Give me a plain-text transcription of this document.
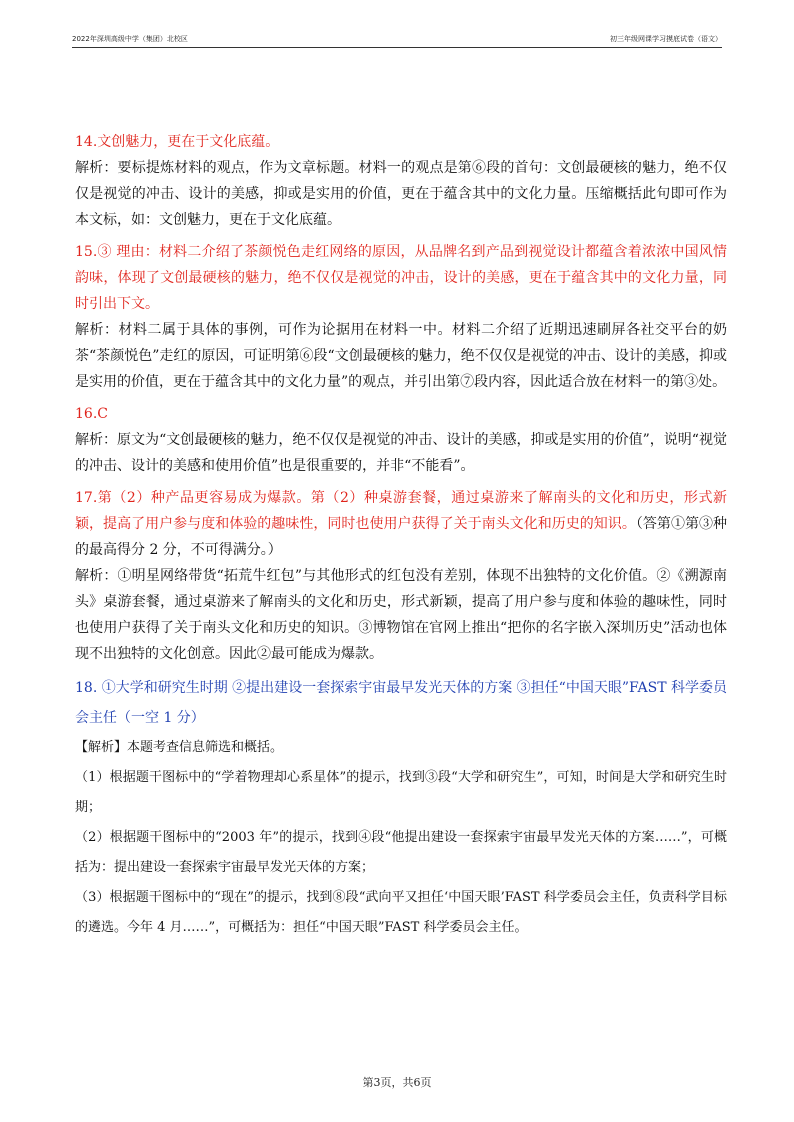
2022年深圳高级中学（集团）北校区	初三年级网课学习摸底试卷（语文）

14.文创魅力，更在于文化底蕴。

解析：要标提炼材料的观点，作为文章标题。材料一的观点是第⑥段的首句：文创最硬核的魅力，绝不仅仅是视觉的冲击、设计的美感，抑或是实用的价值，更在于蕴含其中的文化力量。压缩概括此句即可作为本文标，如：文创魅力，更在于文化底蕴。

15.③ 理由：材料二介绍了茶颜悦色走红网络的原因，从品牌名到产品到视觉设计都蕴含着浓浓中国风情韵味，体现了文创最硬核的魅力，绝不仅仅是视觉的冲击，设计的美感，更在于蕴含其中的文化力量，同时引出下文。

解析：材料二属于具体的事例，可作为论据用在材料一中。材料二介绍了近期迅速刷屏各社交平台的奶茶“茶颜悦色”走红的原因，可证明第⑥段“文创最硬核的魅力，绝不仅仅是视觉的冲击、设计的美感，抑或是实用的价值，更在于蕴含其中的文化力量”的观点，并引出第⑦段内容，因此适合放在材料一的第③处。

16.C

解析：原文为“文创最硬核的魅力，绝不仅仅是视觉的冲击、设计的美感，抑或是实用的价值”，说明“视觉的冲击、设计的美感和使用价值”也是很重要的，并非“不能看”。

17.第（2）种产品更容易成为爆款。第（2）种桌游套餐，通过桌游来了解南头的文化和历史，形式新颖，提高了用户参与度和体验的趣味性，同时也使用户获得了关于南头文化和历史的知识。（答第①第③种的最高得分 2 分，不可得满分。）

解析：①明星网络带货“拓荒牛红包”与其他形式的红包没有差别，体现不出独特的文化价值。②《溯源南头》桌游套餐，通过桌游来了解南头的文化和历史，形式新颖，提高了用户参与度和体验的趣味性，同时也使用户获得了关于南头文化和历史的知识。③博物馆在官网上推出“把你的名字嵌入深圳历史”活动也体现不出独特的文化创意。因此②最可能成为爆款。

18. ①大学和研究生时期 ②提出建设一套探索宇宙最早发光天体的方案 ③担任“中国天眼”FAST 科学委员会主任（一空 1 分）

【解析】本题考查信息筛选和概括。

（1）根据题干图标中的“学着物理却心系星体”的提示，找到③段“大学和研究生”，可知，时间是大学和研究生时期；

（2）根据题干图标中的“2003 年”的提示，找到④段“他提出建设一套探索宇宙最早发光天体的方案……”，可概括为：提出建设一套探索宇宙最早发光天体的方案；

（3）根据题干图标中的“现在”的提示，找到⑧段“武向平又担任‘中国天眼’FAST 科学委员会主任，负责科学目标的遴选。今年 4 月……”，可概括为：担任“中国天眼”FAST 科学委员会主任。

第3页，共6页
